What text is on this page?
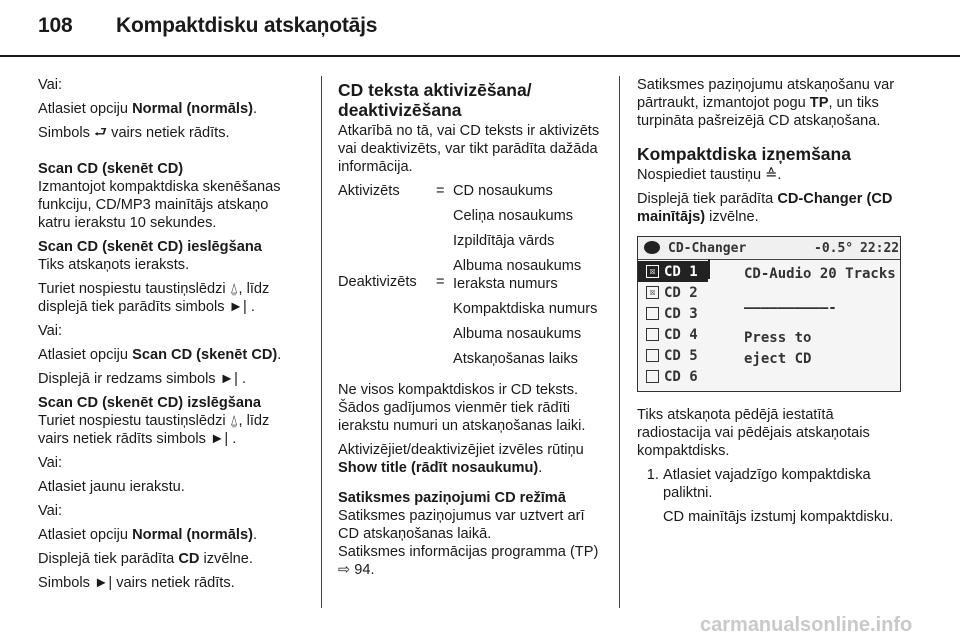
108 Kompaktdisku atskaņotājs

Vai:

Atlasiet opciju Normal (normāls).

Simbols ⮐ vairs netiek rādīts.

Scan CD (skenēt CD)

Izmantojot kompaktdiska skenēšanas funkciju, CD/MP3 mainītājs atskaņo katru ierakstu 10 sekundes.

Scan CD (skenēt CD) ieslēgšana

Tiks atskaņots ieraksts.

Turiet nospiestu taustiņslēdzi ⍙, līdz displejā tiek parādīts simbols ►| .

Vai:

Atlasiet opciju Scan CD (skenēt CD).

Displejā ir redzams simbols ►| .

Scan CD (skenēt CD) izslēgšana

Turiet nospiestu taustiņslēdzi ⍙, līdz vairs netiek rādīts simbols ►| .

Vai:

Atlasiet jaunu ierakstu.

Vai:

Atlasiet opciju Normal (normāls).

Displejā tiek parādīta CD izvēlne.

Simbols ►| vairs netiek rādīts.

CD teksta aktivizēšana/ deaktivizēšana

Atkarībā no tā, vai CD teksts ir aktivizēts vai deaktivizēts, var tikt parādīta dažāda informācija.

Aktivizēts	=	CD nosaukums
		Celiņa nosaukums
		Izpildītāja vārds
Deaktivizēts	=	Albuma nosaukums
Ieraksta numurs
		Kompaktdiska numurs
		Albuma nosaukums
		Atskaņošanas laiks

Ne visos kompaktdiskos ir CD teksts. Šādos gadījumos vienmēr tiek rādīti ierakstu numuri un atskaņošanas laiki.

Aktivizējiet/deaktivizējiet izvēles rūtiņu Show title (rādīt nosaukumu).

Satiksmes paziņojumi CD režīmā

Satiksmes paziņojumus var uztvert arī CD atskaņošanas laikā.

Satiksmes informācijas programma (TP) ⇨ 94.

Satiksmes paziņojumu atskaņošanu var pārtraukt, izmantojot pogu TP, un tiks turpināta pašreizējā CD atskaņošana.

Kompaktdiska izņemšana

Nospiediet taustiņu ≙.

Displejā tiek parādīta CD-Changer (CD mainītājs) izvēlne.

CD-Changer	-0.5° 22:22
☒ CD 1
☒ CD 2
CD 3
CD 4
CD 5
CD 6
CD-Audio 20 Tracks
——————————-
Press to
eject CD

Tiks atskaņota pēdējā iestatītā radiostacija vai pēdējais atskaņotais kompaktdisks.

1. Atlasiet vajadzīgo kompaktdiska paliktni.

CD mainītājs izstumj kompaktdisku.

carmanualsonline.info
